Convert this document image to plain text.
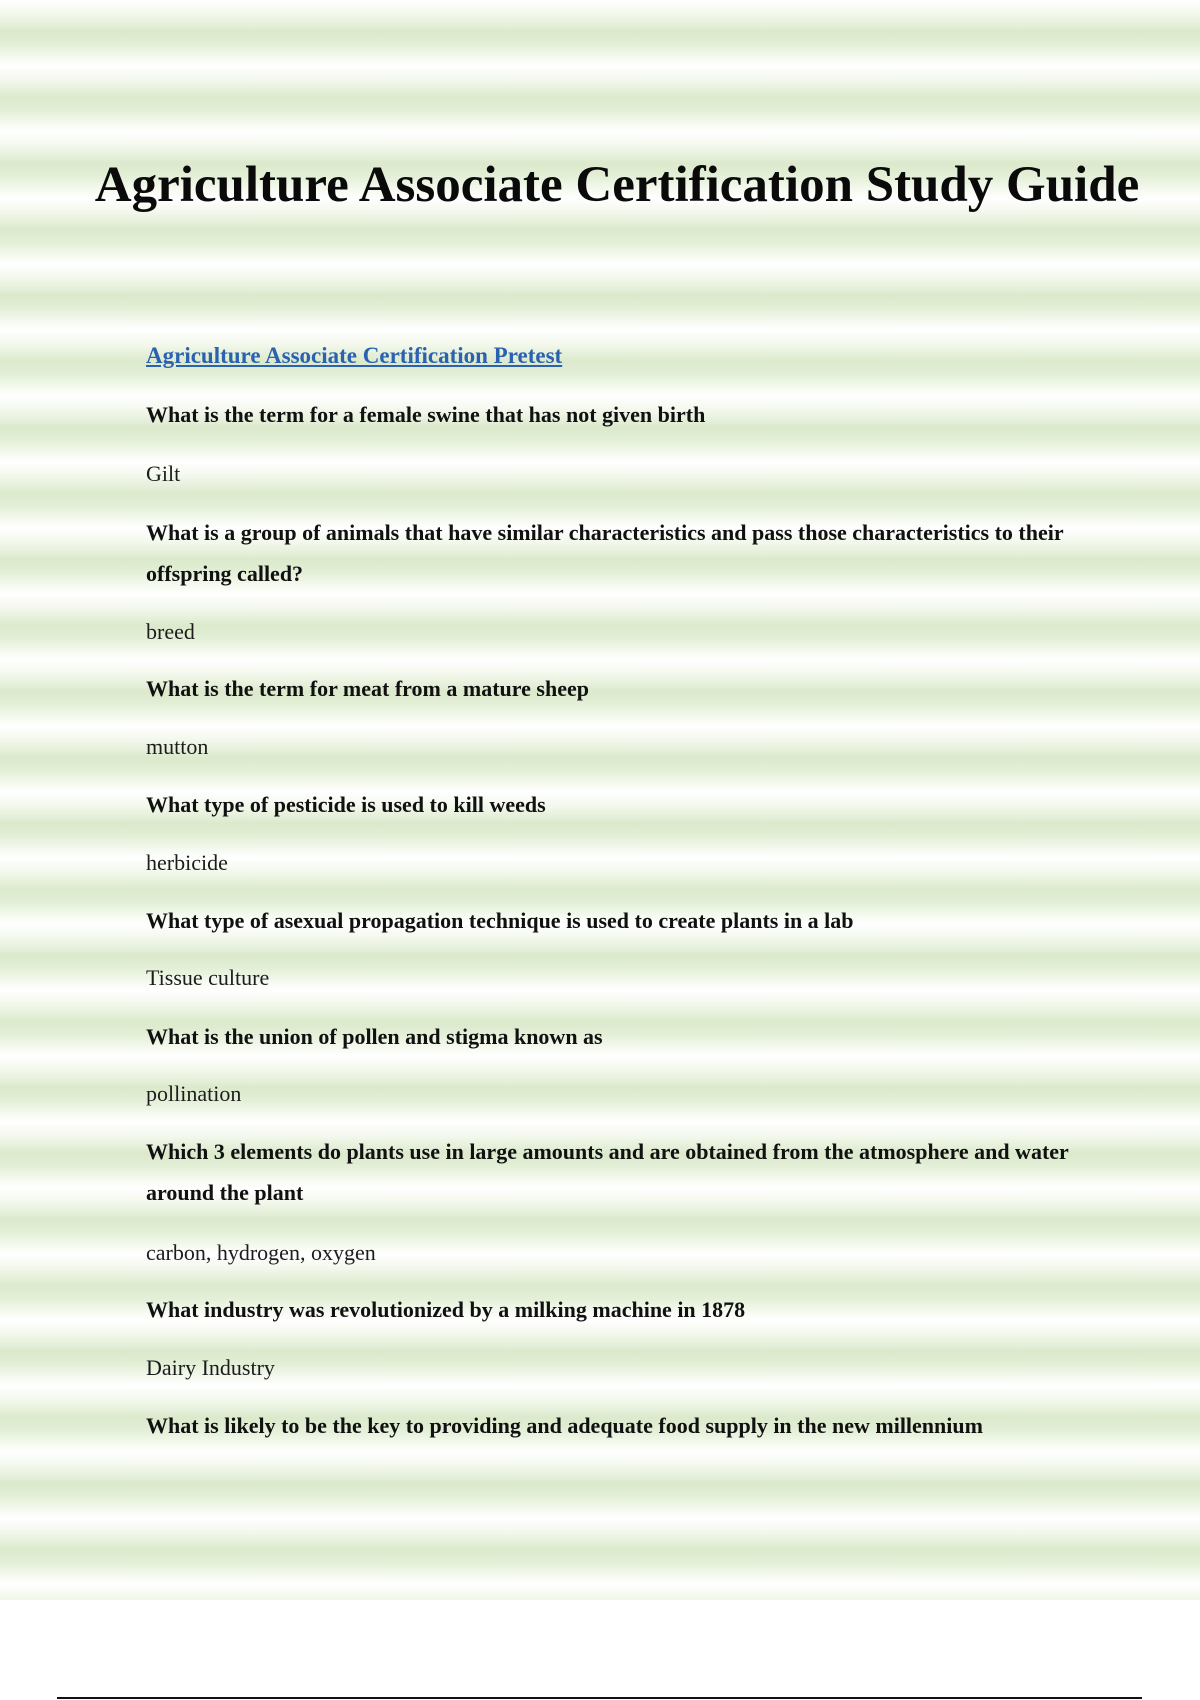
Agriculture Associate Certification Study Guide
Agriculture Associate Certification Pretest

What is the term for a female swine that has not given birth

Gilt

What is a group of animals that have similar characteristics and pass those characteristics to their offspring called?

breed

What is the term for meat from a mature sheep

mutton

What type of pesticide is used to kill weeds

herbicide

What type of asexual propagation technique is used to create plants in a lab

Tissue culture

What is the union of pollen and stigma known as

pollination

Which 3 elements do plants use in large amounts and are obtained from the atmosphere and water around the plant

carbon, hydrogen, oxygen

What industry was revolutionized by a milking machine in 1878

Dairy Industry

What is likely to be the key to providing and adequate food supply in the new millennium
